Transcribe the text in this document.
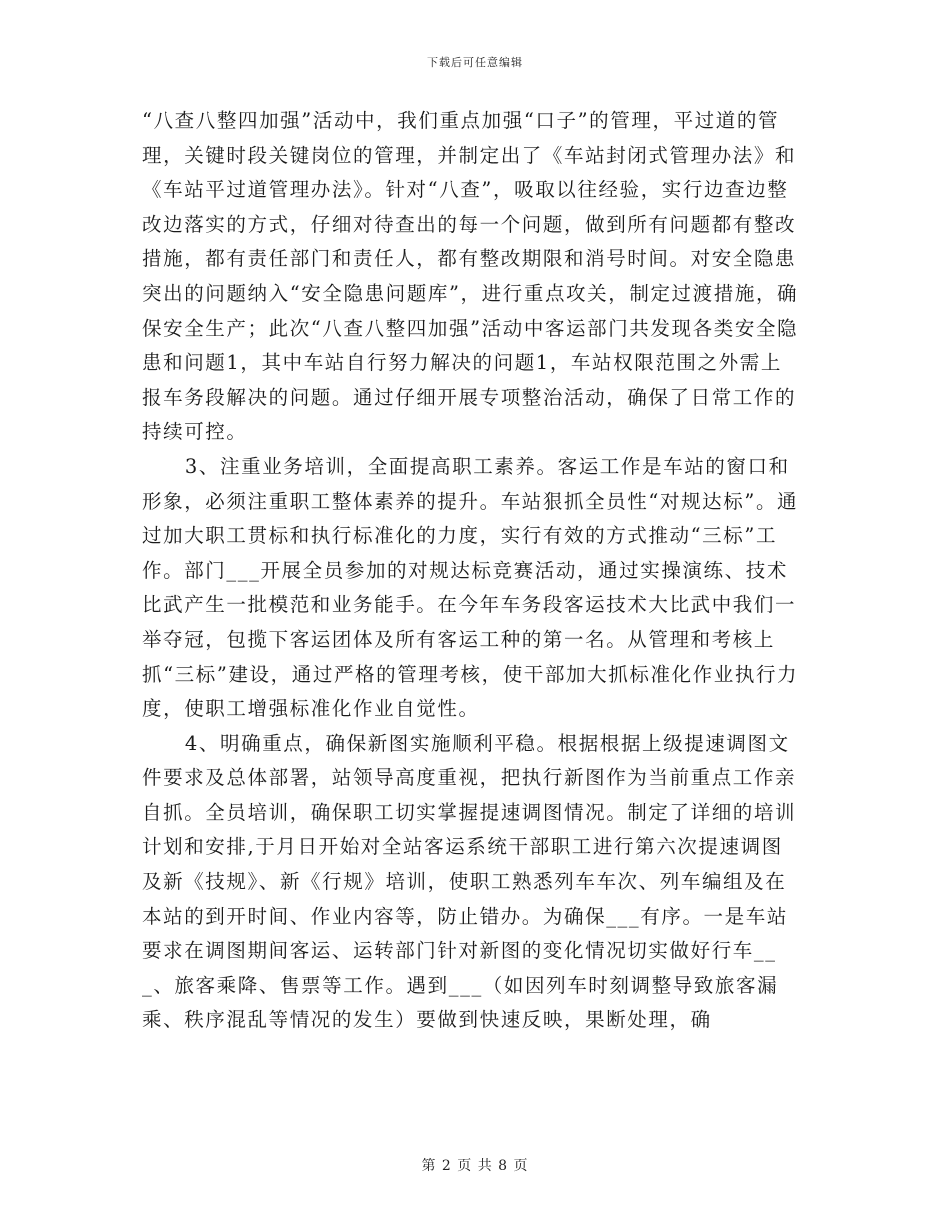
下载后可任意编辑

“八查八整四加强”活动中，我们重点加强“口子”的管理，平过道的管理，关键时段关键岗位的管理，并制定出了《车站封闭式管理办法》和《车站平过道管理办法》。针对“八查”，吸取以往经验，实行边查边整改边落实的方式，仔细对待查出的每一个问题，做到所有问题都有整改措施，都有责任部门和责任人，都有整改期限和消号时间。对安全隐患突出的问题纳入“安全隐患问题库”，进行重点攻关，制定过渡措施，确保安全生产；此次“八查八整四加强”活动中客运部门共发现各类安全隐患和问题1，其中车站自行努力解决的问题1，车站权限范围之外需上报车务段解决的问题。通过仔细开展专项整治活动，确保了日常工作的持续可控。

3、注重业务培训，全面提高职工素养。客运工作是车站的窗口和形象，必须注重职工整体素养的提升。车站狠抓全员性“对规达标”。通过加大职工贯标和执行标准化的力度，实行有效的方式推动“三标”工作。部门___开展全员参加的对规达标竞赛活动，通过实操演练、技术比武产生一批模范和业务能手。在今年车务段客运技术大比武中我们一举夺冠，包揽下客运团体及所有客运工种的第一名。从管理和考核上抓“三标”建设，通过严格的管理考核，使干部加大抓标准化作业执行力度，使职工增强标准化作业自觉性。

4、明确重点，确保新图实施顺利平稳。根据根据上级提速调图文件要求及总体部署，站领导高度重视，把执行新图作为当前重点工作亲自抓。全员培训，确保职工切实掌握提速调图情况。制定了详细的培训计划和安排,于月日开始对全站客运系统干部职工进行第六次提速调图及新《技规》、新《行规》培训，使职工熟悉列车车次、列车编组及在本站的到开时间、作业内容等，防止错办。为确保___有序。一是车站要求在调图期间客运、运转部门针对新图的变化情况切实做好行车___、旅客乘降、售票等工作。遇到___（如因列车时刻调整导致旅客漏乘、秩序混乱等情况的发生）要做到快速反映，果断处理，确

第 2 页 共 8 页
